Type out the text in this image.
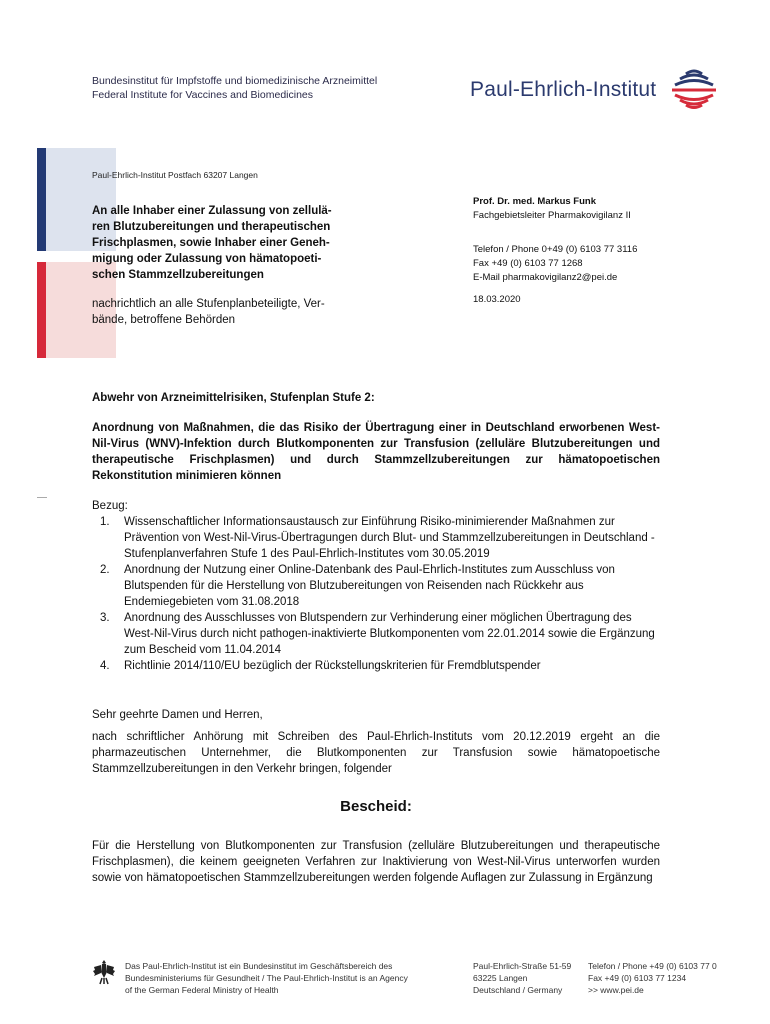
Bundesinstitut für Impfstoffe und biomedizinische Arzneimittel
Federal Institute for Vaccines and Biomedicines	Paul-Ehrlich-Institut
Paul-Ehrlich-Institut Postfach 63207 Langen
An alle Inhaber einer Zulassung von zellulä-
ren Blutzubereitungen und therapeutischen
Frischplasmen, sowie Inhaber einer Geneh-
migung oder Zulassung von hämatopoeti-
schen Stammzellzubereitungen
nachrichtlich an alle Stufenplanbeteiligte, Ver-
bände, betroffene Behörden
Prof. Dr. med. Markus Funk
Fachgebietsleiter Pharmakovigilanz II
Telefon / Phone 0+49 (0) 6103 77 3116
Fax +49 (0) 6103 77 1268
E-Mail pharmakovigilanz2@pei.de
18.03.2020
Abwehr von Arzneimittelrisiken, Stufenplan Stufe 2:
Anordnung von Maßnahmen, die das Risiko der Übertragung einer in Deutschland erworbenen West-Nil-Virus (WNV)-Infektion durch Blutkomponenten zur Transfusion (zelluläre Blutzubereitungen und therapeutische Frischplasmen) und durch Stammzellzubereitungen zur hämatopoetischen Rekonstitution minimieren können
Bezug:
1. Wissenschaftlicher Informationsaustausch zur Einführung Risiko-minimierender Maßnahmen zur Prävention von West-Nil-Virus-Übertragungen durch Blut- und Stammzellzubereitungen in Deutschland - Stufenplanverfahren Stufe 1 des Paul-Ehrlich-Institutes vom 30.05.2019
2. Anordnung der Nutzung einer Online-Datenbank des Paul-Ehrlich-Institutes zum Ausschluss von Blutspenden für die Herstellung von Blutzubereitungen von Reisenden nach Rückkehr aus Endemiegebieten vom 31.08.2018
3. Anordnung des Ausschlusses von Blutspendern zur Verhinderung einer möglichen Übertragung des West-Nil-Virus durch nicht pathogen-inaktivierte Blutkomponenten vom 22.01.2014 sowie die Ergänzung zum Bescheid vom 11.04.2014
4. Richtlinie 2014/110/EU bezüglich der Rückstellungskriterien für Fremdblutspender
Sehr geehrte Damen und Herren,
nach schriftlicher Anhörung mit Schreiben des Paul-Ehrlich-Instituts vom 20.12.2019 ergeht an die pharmazeutischen Unternehmer, die Blutkomponenten zur Transfusion sowie hämatopoetische Stammzellzubereitungen in den Verkehr bringen, folgender
Bescheid:
Für die Herstellung von Blutkomponenten zur Transfusion (zelluläre Blutzubereitungen und therapeutische Frischplasmen), die keinem geeigneten Verfahren zur Inaktivierung von West-Nil-Virus unterworfen wurden sowie von hämatopoetischen Stammzellzubereitungen werden folgende Auflagen zur Zulassung in Ergänzung
Das Paul-Ehrlich-Institut ist ein Bundesinstitut im Geschäftsbereich des
Bundesministeriums für Gesundheit / The Paul-Ehrlich-Institut is an Agency
of the German Federal Ministry of Health
Paul-Ehrlich-Straße 51-59
63225 Langen
Deutschland / Germany
Telefon / Phone +49 (0) 6103 77 0
Fax +49 (0) 6103 77 1234
>> www.pei.de
